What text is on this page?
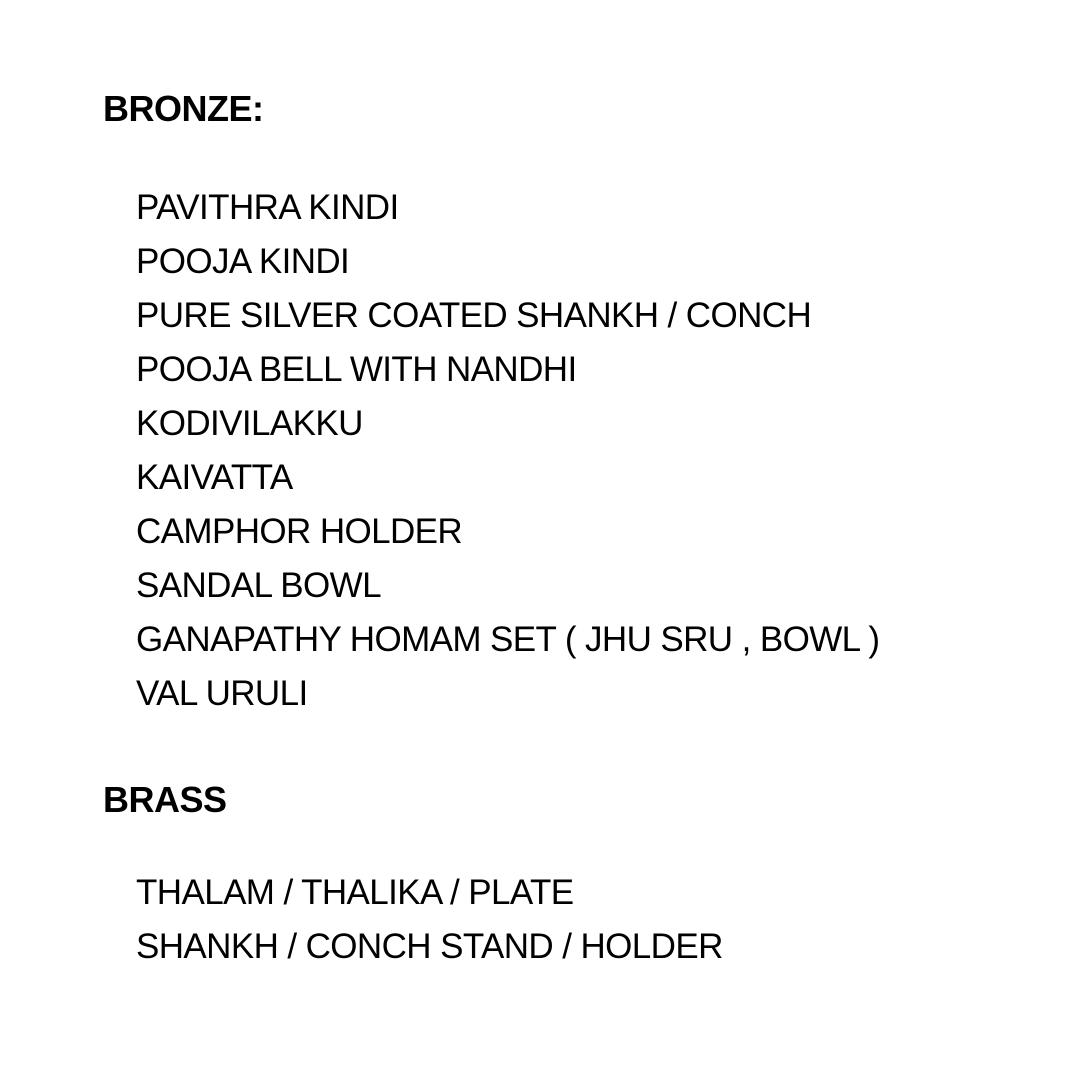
BRONZE:
PAVITHRA KINDI
POOJA KINDI
PURE SILVER COATED SHANKH / CONCH
POOJA BELL WITH NANDHI
KODIVILAKKU
KAIVATTA
CAMPHOR HOLDER
SANDAL BOWL
GANAPATHY HOMAM SET ( JHU SRU , BOWL )
VAL URULI
BRASS
THALAM / THALIKA / PLATE
SHANKH / CONCH STAND / HOLDER
